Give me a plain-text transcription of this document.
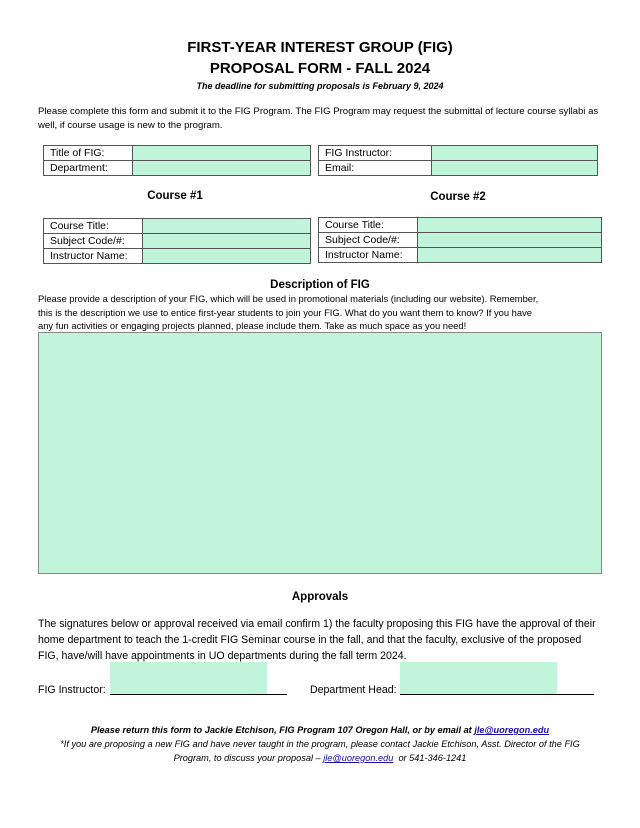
FIRST-YEAR INTEREST GROUP (FIG)
PROPOSAL FORM - FALL 2024
The deadline for submitting proposals is February 9, 2024
Please complete this form and submit it to the FIG Program. The FIG Program may request the submittal of lecture course syllabi as
well, if course usage is new to the program.
Title of FIG:	
Department:	
FIG Instructor:	
Email:	
Course #1	Course #2
Course Title:	
Subject Code/#:	
Instructor Name:	
Course Title:	
Subject Code/#:	
Instructor Name:	
Description of FIG
Please provide a description of your FIG, which will be used in promotional materials (including our website). Remember,
this is the description we use to entice first-year students to join your FIG. What do you want them to know? If you have
any fun activities or engaging projects planned, please include them. Take as much space as you need!
Approvals
The signatures below or approval received via email confirm 1) the faculty proposing this FIG have the approval of their
home department to teach the 1-credit FIG Seminar course in the fall, and that the faculty, exclusive of the proposed
FIG, have/will have appointments in UO departments during the fall term 2024.
FIG Instructor:	Department Head:
Please return this form to Jackie Etchison, FIG Program 107 Oregon Hall, or by email at jle@uoregon.edu
*If you are proposing a new FIG and have never taught in the program, please contact Jackie Etchison, Asst. Director of the FIG
Program, to discuss your proposal – jle@uoregon.edu  or 541-346-1241
